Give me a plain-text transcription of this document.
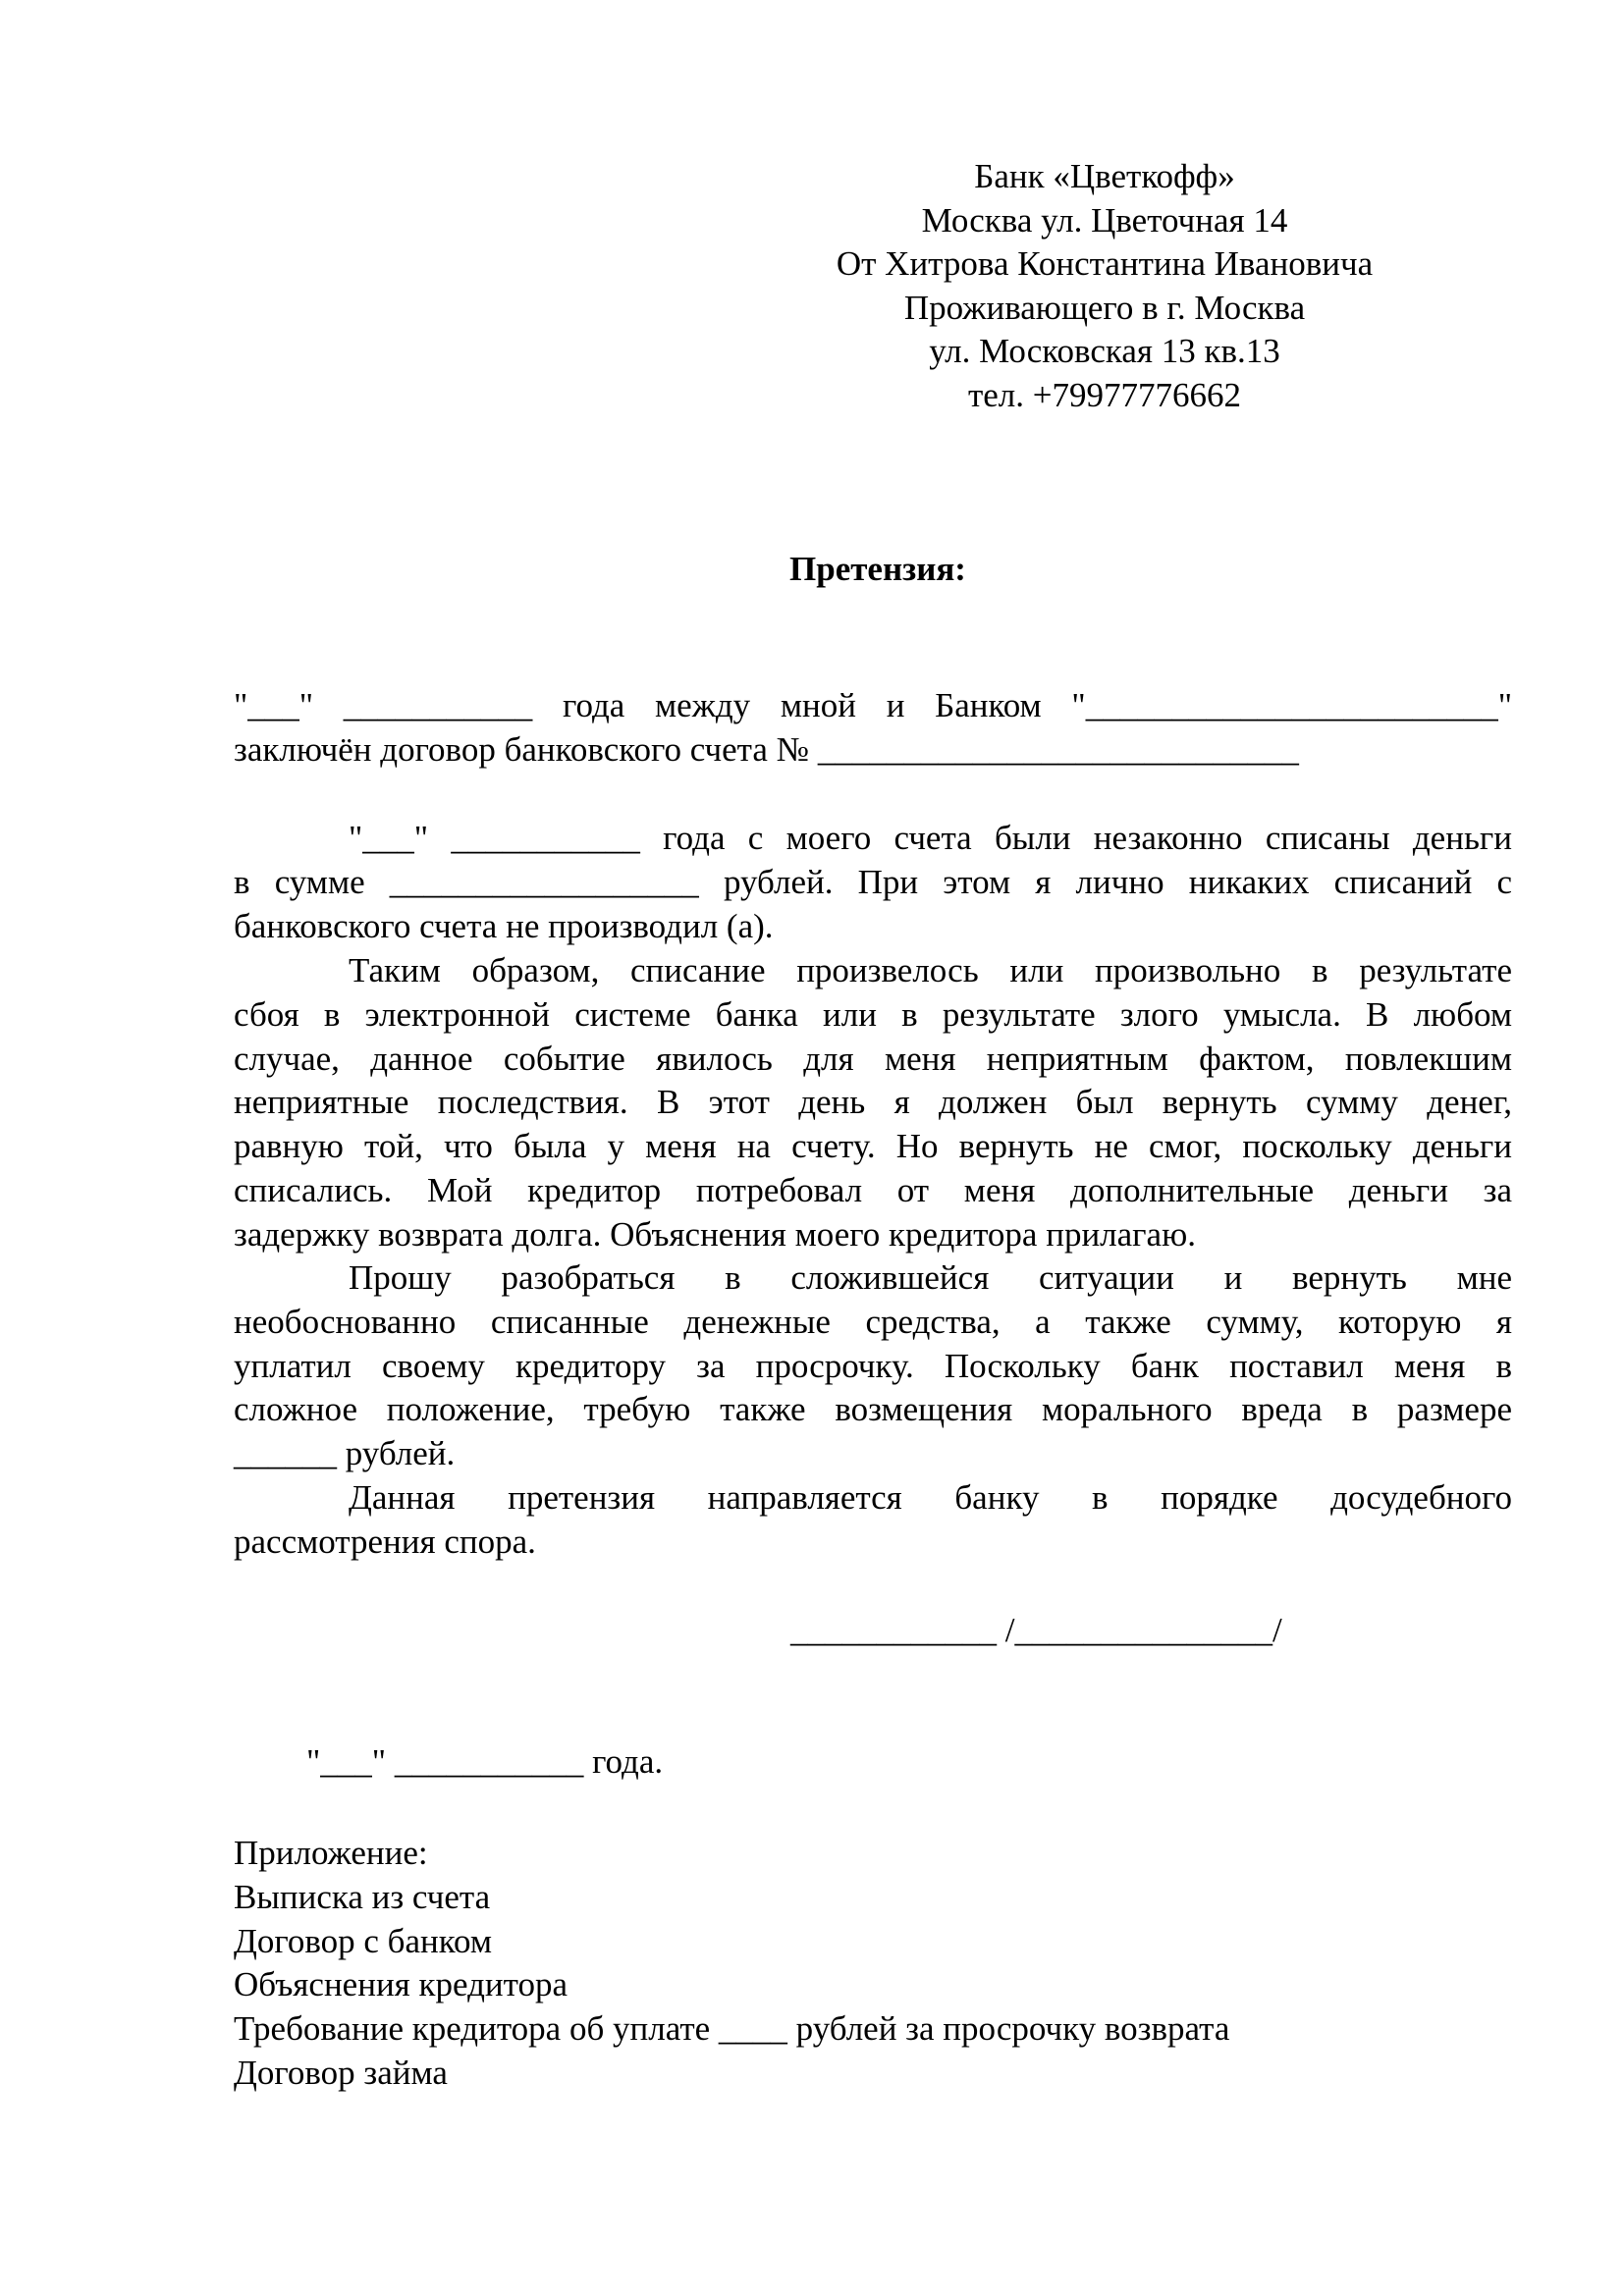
Банк «Цветкофф»
Москва ул. Цветочная 14
От Хитрова Константина Ивановича
Проживающего в г. Москва
ул. Московская 13 кв.13
тел. +79977776662
Претензия:
"___" ___________ года между мной и Банком "________________________"
заключён договор банковского счета № ____________________________
"___" ___________ года с моего счета были незаконно списаны деньги
в сумме __________________ рублей. При этом я лично никаких списаний с
банковского счета не производил (а).
Таким образом, списание произвелось или произвольно в результате
сбоя в электронной системе банка или в результате злого умысла. В любом
случае, данное событие явилось для меня неприятным фактом, повлекшим
неприятные последствия. В этот день я должен был вернуть сумму денег,
равную той, что была у меня на счету. Но вернуть не смог, поскольку деньги
списались. Мой кредитор потребовал от меня дополнительные деньги за
задержку возврата долга. Объяснения моего кредитора прилагаю.
Прошу разобраться в сложившейся ситуации и вернуть мне
необоснованно списанные денежные средства, а также сумму, которую я
уплатил своему кредитору за просрочку. Поскольку банк поставил меня в
сложное положение, требую также возмещения морального вреда в размере
______ рублей.
Данная претензия направляется банку в порядке досудебного
рассмотрения спора.
____________ /_______________/
"___" ___________ года.
Приложение:
Выписка из счета
Договор с банком
Объяснения кредитора
Требование кредитора об уплате ____ рублей за просрочку возврата
Договор займа
